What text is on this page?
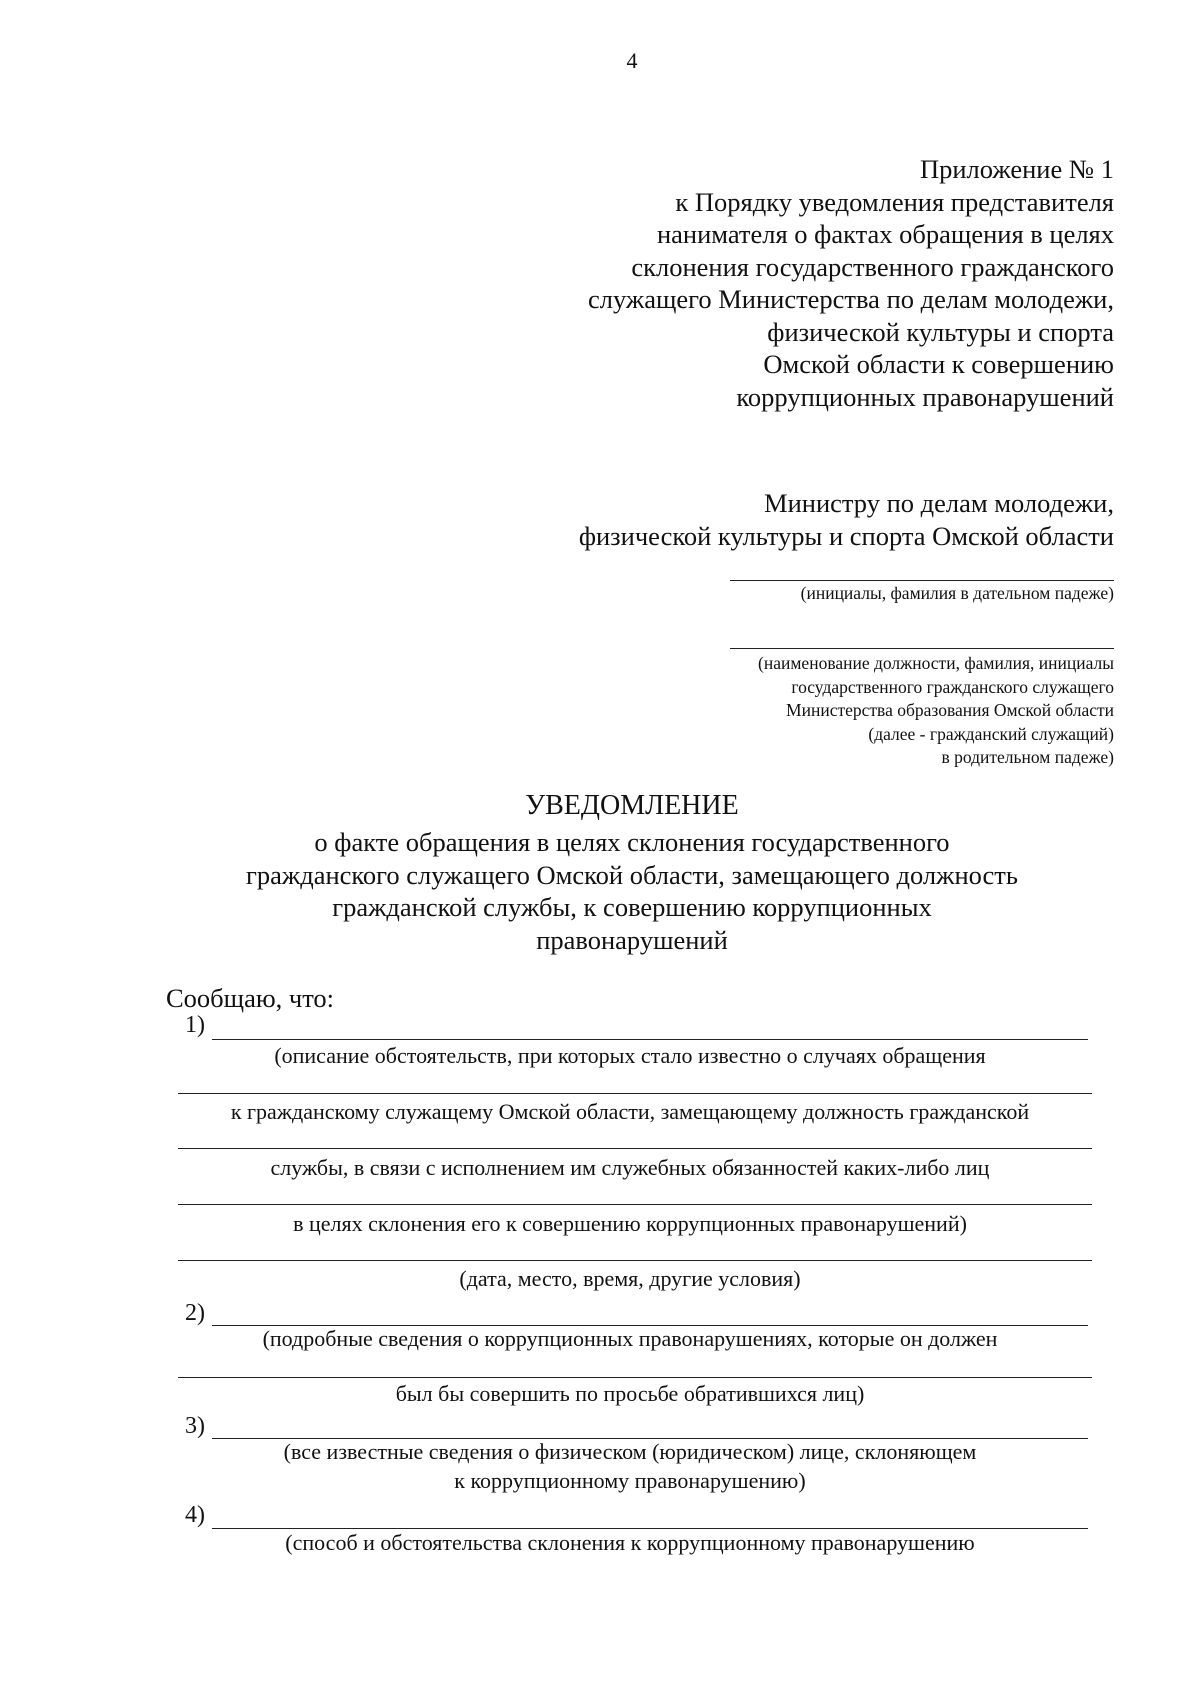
4
Приложение № 1
к Порядку уведомления представителя
нанимателя о фактах обращения в целях
склонения государственного гражданского
служащего Министерства по делам молодежи,
физической культуры и спорта
Омской области к совершению
коррупционных правонарушений
Министру по делам молодежи,
физической культуры и спорта Омской области
(инициалы, фамилия в дательном падеже)
(наименование должности, фамилия, инициалы
государственного гражданского служащего
Министерства образования Омской области
(далее - гражданский служащий)
в родительном падеже)
УВЕДОМЛЕНИЕ
о факте обращения в целях склонения государственного
гражданского служащего Омской области, замещающего должность
гражданской службы, к совершению коррупционных
правонарушений
Сообщаю, что:
1)
(описание обстоятельств, при которых стало известно о случаях обращения
к гражданскому служащему Омской области, замещающему должность гражданской
службы, в связи с исполнением им служебных обязанностей каких-либо лиц
в целях склонения его к совершению коррупционных правонарушений)
(дата, место, время, другие условия)
2)
(подробные сведения о коррупционных правонарушениях, которые он должен
был бы совершить по просьбе обратившихся лиц)
3)
(все известные сведения о физическом (юридическом) лице, склоняющем
к коррупционному правонарушению)
4)
(способ и обстоятельства склонения к коррупционному правонарушению
